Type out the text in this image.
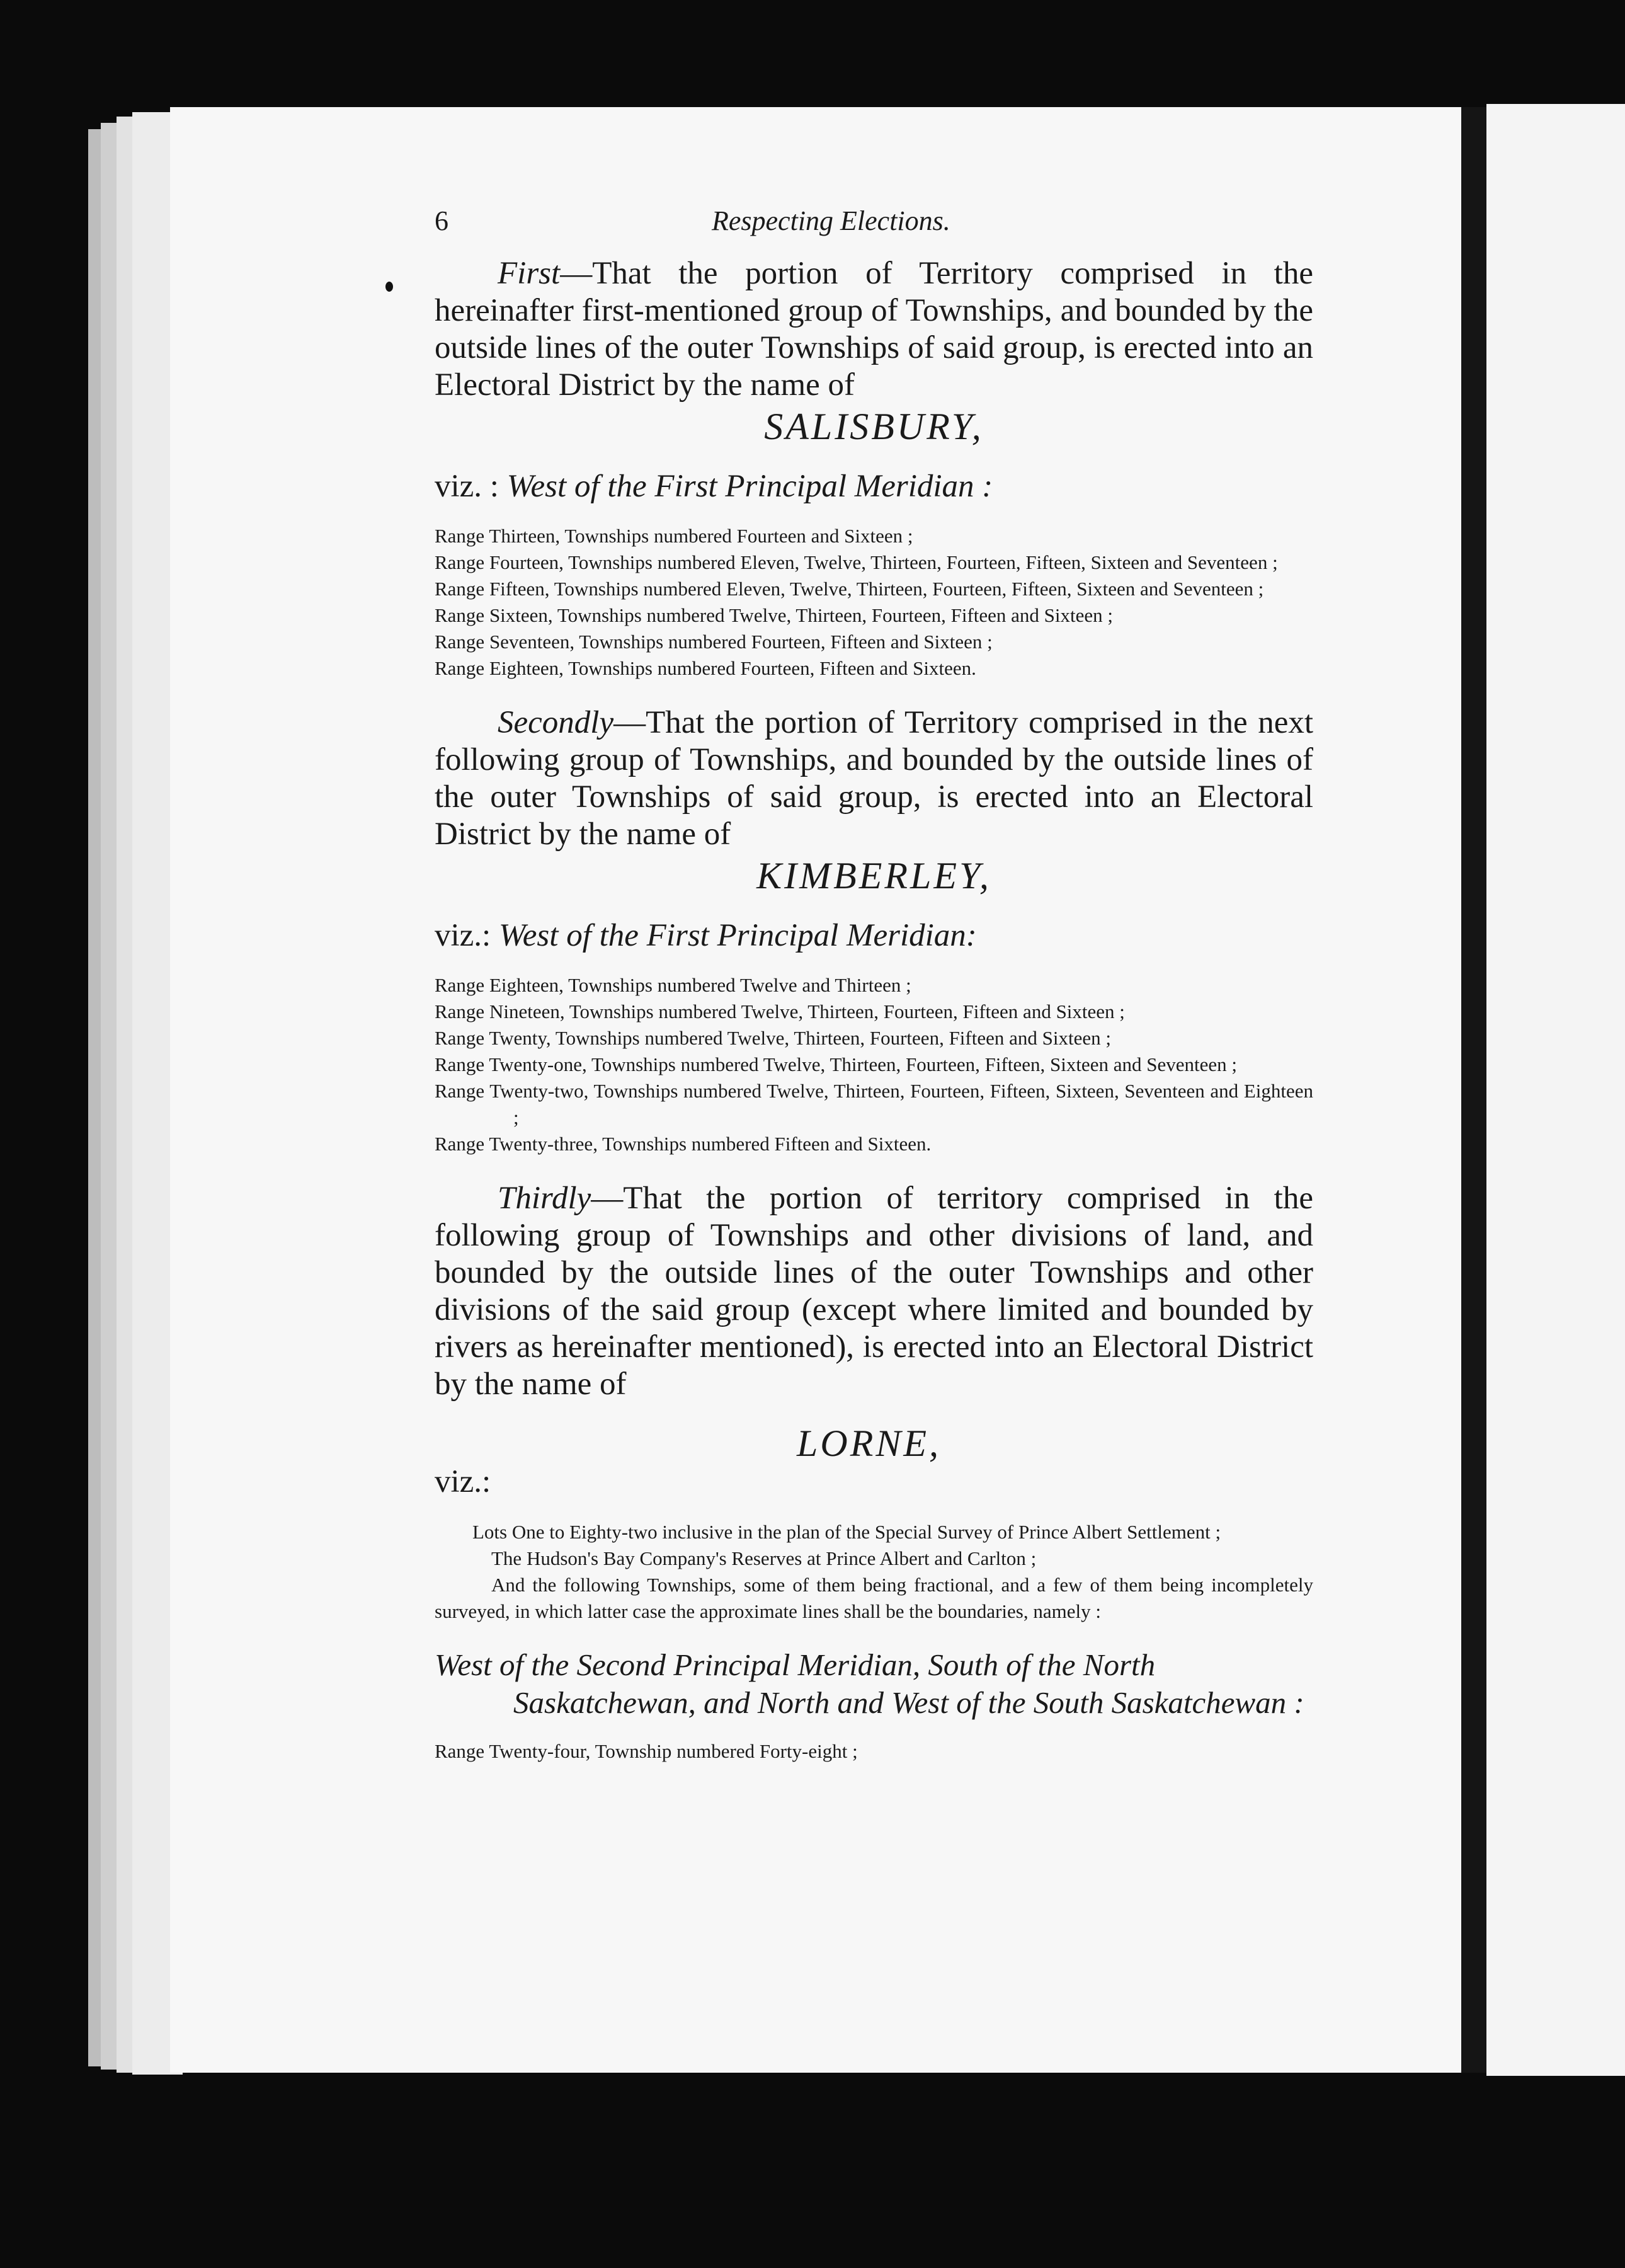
6	Respecting Elections.

First—That the portion of Territory comprised in the hereinafter first-mentioned group of Townships, and bounded by the outside lines of the outer Townships of said group, is erected into an Electoral District by the name of

SALISBURY,

viz. : West of the First Principal Meridian :

Range Thirteen, Townships numbered Fourteen and Sixteen ;

Range Fourteen, Townships numbered Eleven, Twelve, Thirteen, Fourteen, Fifteen, Sixteen and Seventeen ;

Range Fifteen, Townships numbered Eleven, Twelve, Thirteen, Fourteen, Fifteen, Sixteen and Seventeen ;

Range Sixteen, Townships numbered Twelve, Thirteen, Fourteen, Fifteen and Sixteen ;

Range Seventeen, Townships numbered Fourteen, Fifteen and Sixteen ;

Range Eighteen, Townships numbered Fourteen, Fifteen and Sixteen.

Secondly—That the portion of Territory comprised in the next following group of Townships, and bounded by the outside lines of the outer Townships of said group, is erected into an Electoral District by the name of

KIMBERLEY,

viz.: West of the First Principal Meridian:

Range Eighteen, Townships numbered Twelve and Thirteen ;

Range Nineteen, Townships numbered Twelve, Thirteen, Fourteen, Fifteen and Sixteen ;

Range Twenty, Townships numbered Twelve, Thirteen, Fourteen, Fifteen and Sixteen ;

Range Twenty-one, Townships numbered Twelve, Thirteen, Fourteen, Fifteen, Sixteen and Seventeen ;

Range Twenty-two, Townships numbered Twelve, Thirteen, Fourteen, Fifteen, Sixteen, Seventeen and Eighteen ;

Range Twenty-three, Townships numbered Fifteen and Sixteen.

Thirdly—That the portion of territory comprised in the following group of Townships and other divisions of land, and bounded by the outside lines of the outer Townships and other divisions of the said group (except where limited and bounded by rivers as hereinafter mentioned), is erected into an Electoral District by the name of

LORNE,
viz.:

Lots One to Eighty-two inclusive in the plan of the Special Survey of Prince Albert Settlement ;

The Hudson's Bay Company's Reserves at Prince Albert and Carlton ;

And the following Townships, some of them being fractional, and a few of them being incompletely surveyed, in which latter case the approximate lines shall be the boundaries, namely :

West of the Second Principal Meridian, South of the North Saskatchewan, and North and West of the South Saskatchewan :

Range Twenty-four, Township numbered Forty-eight ;
